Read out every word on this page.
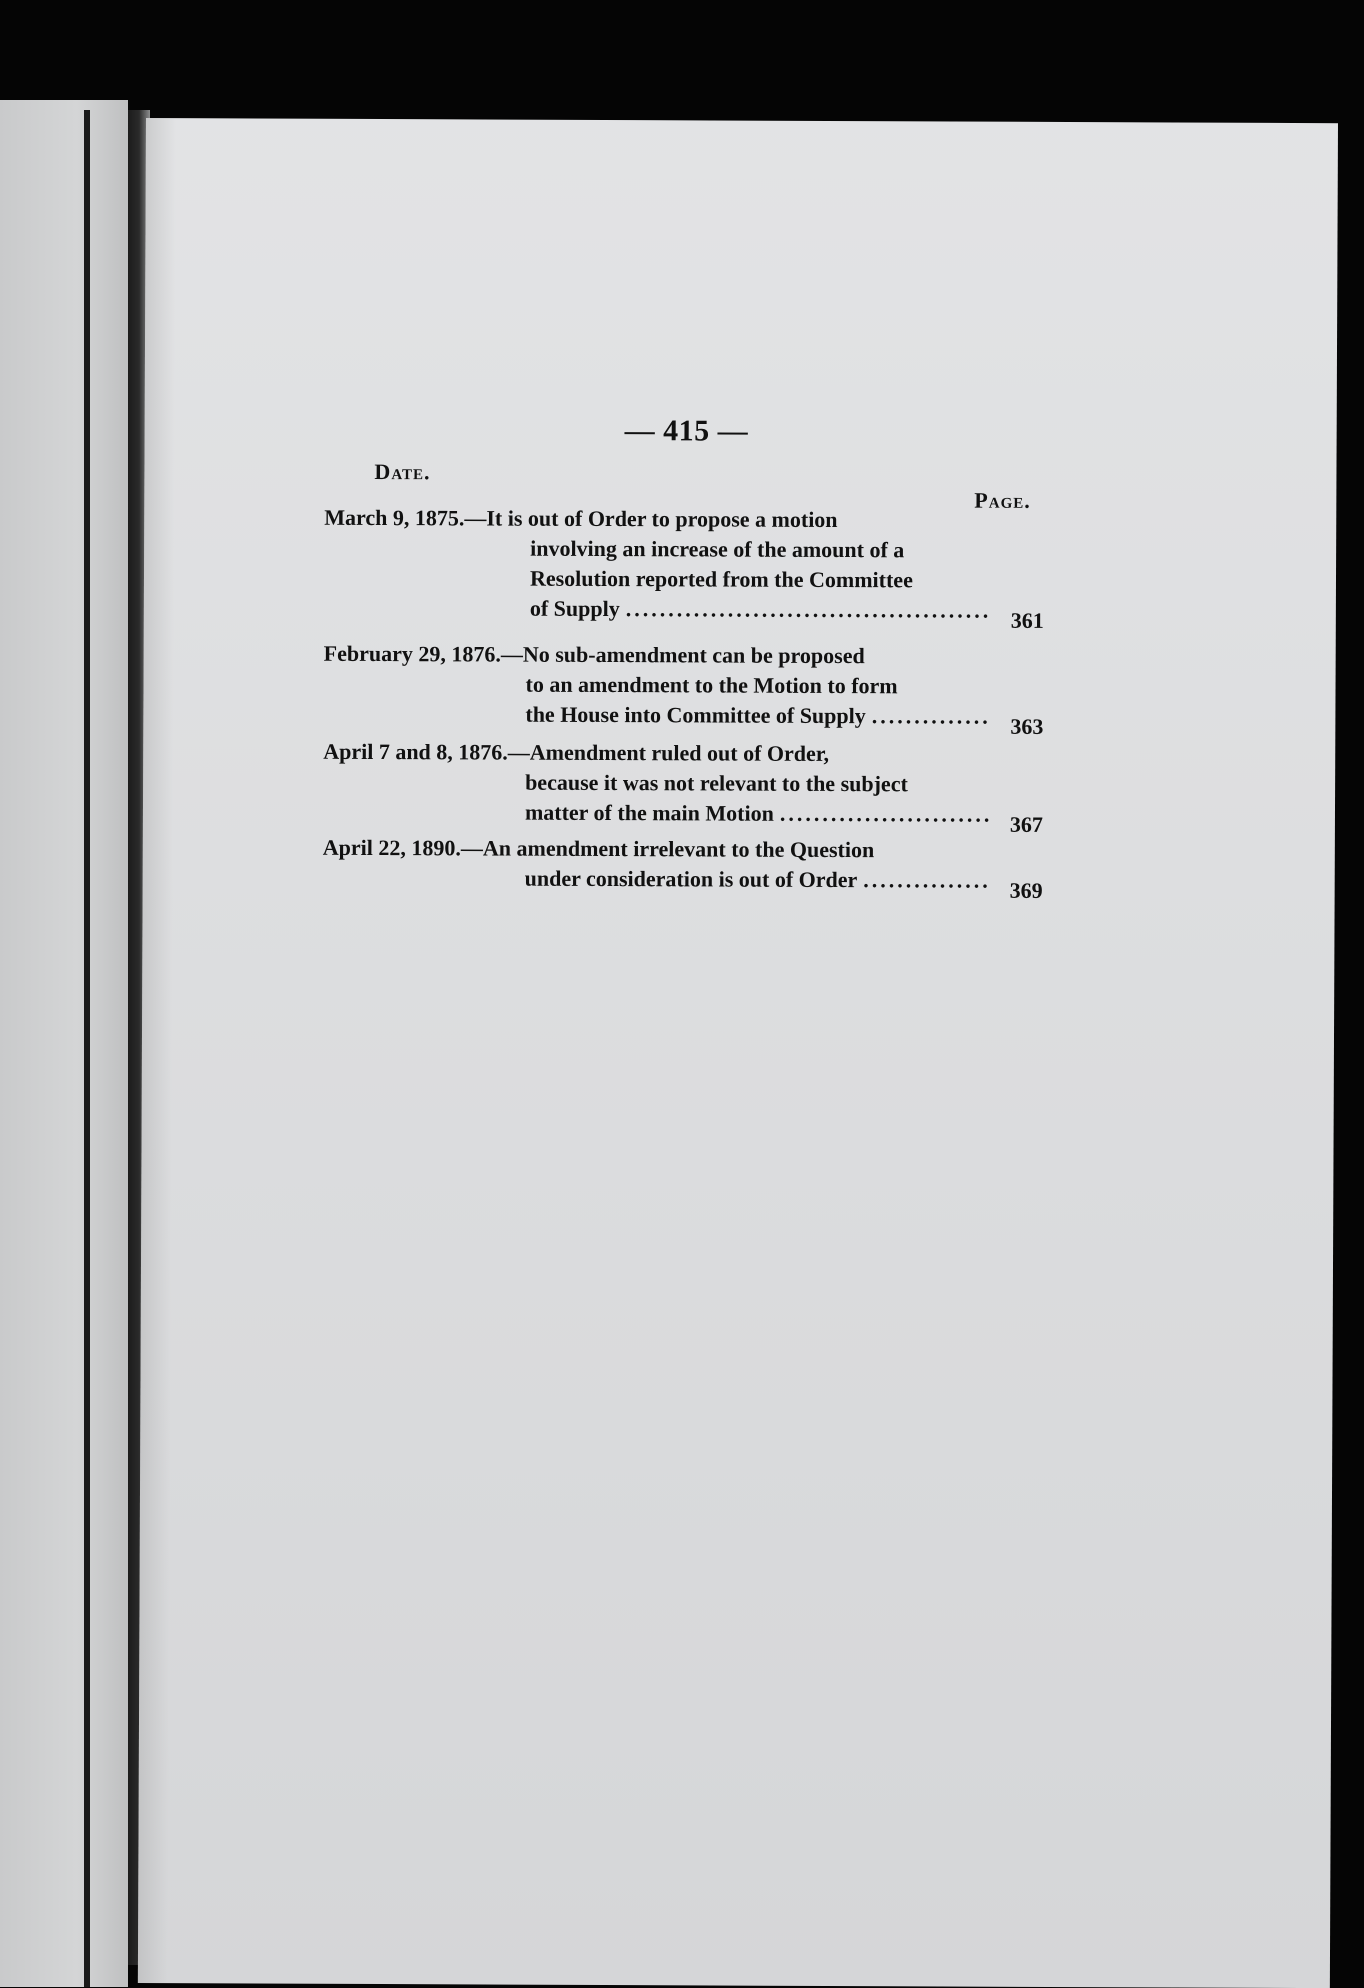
— 415 —
Date.
Page.
March 9, 1875.—It is out of Order to propose a motion
involving an increase of the amount of a
Resolution reported from the Committee
of Supply .....	361
February 29, 1876.—No sub-amendment can be proposed
to an amendment to the Motion to form
the House into Committee of Supply .....	363
April 7 and 8, 1876.—Amendment ruled out of Order,
because it was not relevant to the subject
matter of the main Motion .....	367
April 22, 1890.—An amendment irrelevant to the Question
under consideration is out of Order .....	369
